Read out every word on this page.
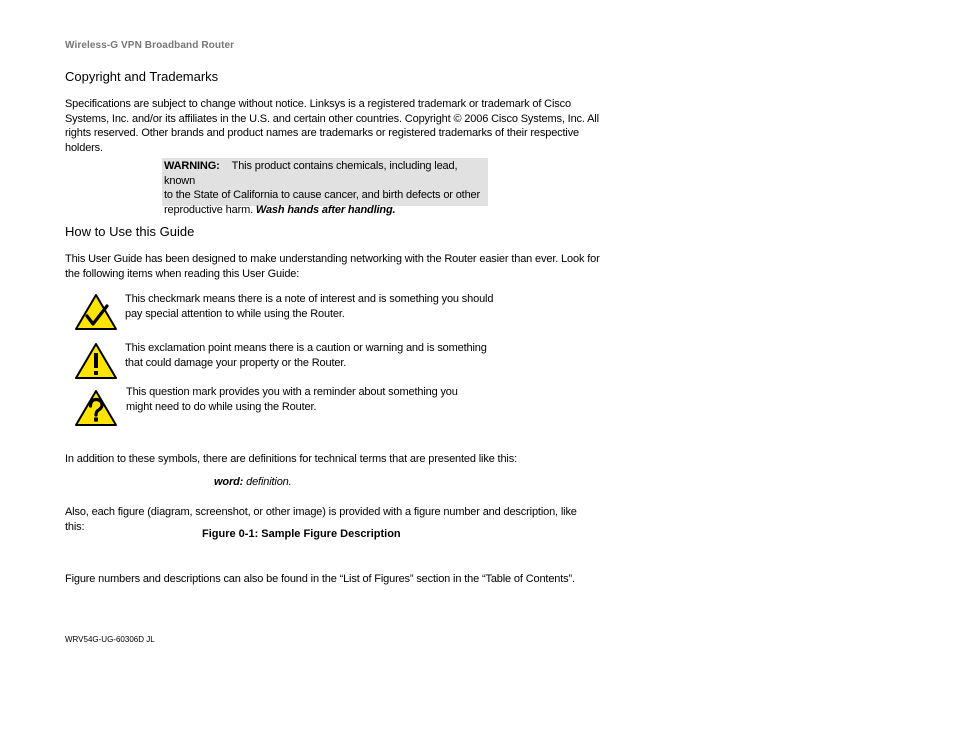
Wireless-G VPN Broadband Router
Copyright and Trademarks
Specifications are subject to change without notice. Linksys is a registered trademark or trademark of Cisco
Systems, Inc. and/or its affiliates in the U.S. and certain other countries. Copyright © 2006 Cisco Systems, Inc. All
rights reserved. Other brands and product names are trademarks or registered trademarks of their respective
holders.
WARNING: This product contains chemicals, including lead, known
to the State of California to cause cancer, and birth defects or other
reproductive harm. Wash hands after handling.
How to Use this Guide
This User Guide has been designed to make understanding networking with the Router easier than ever. Look for
the following items when reading this User Guide:
This checkmark means there is a note of interest and is something you should
pay special attention to while using the Router.
This exclamation point means there is a caution or warning and is something
that could damage your property or the Router.
This question mark provides you with a reminder about something you
might need to do while using the Router.
In addition to these symbols, there are definitions for technical terms that are presented like this:
word: definition.
Also, each figure (diagram, screenshot, or other image) is provided with a figure number and description, like
this:
Figure 0-1: Sample Figure Description
Figure numbers and descriptions can also be found in the “List of Figures” section in the “Table of Contents”.
WRV54G-UG-60306D JL
